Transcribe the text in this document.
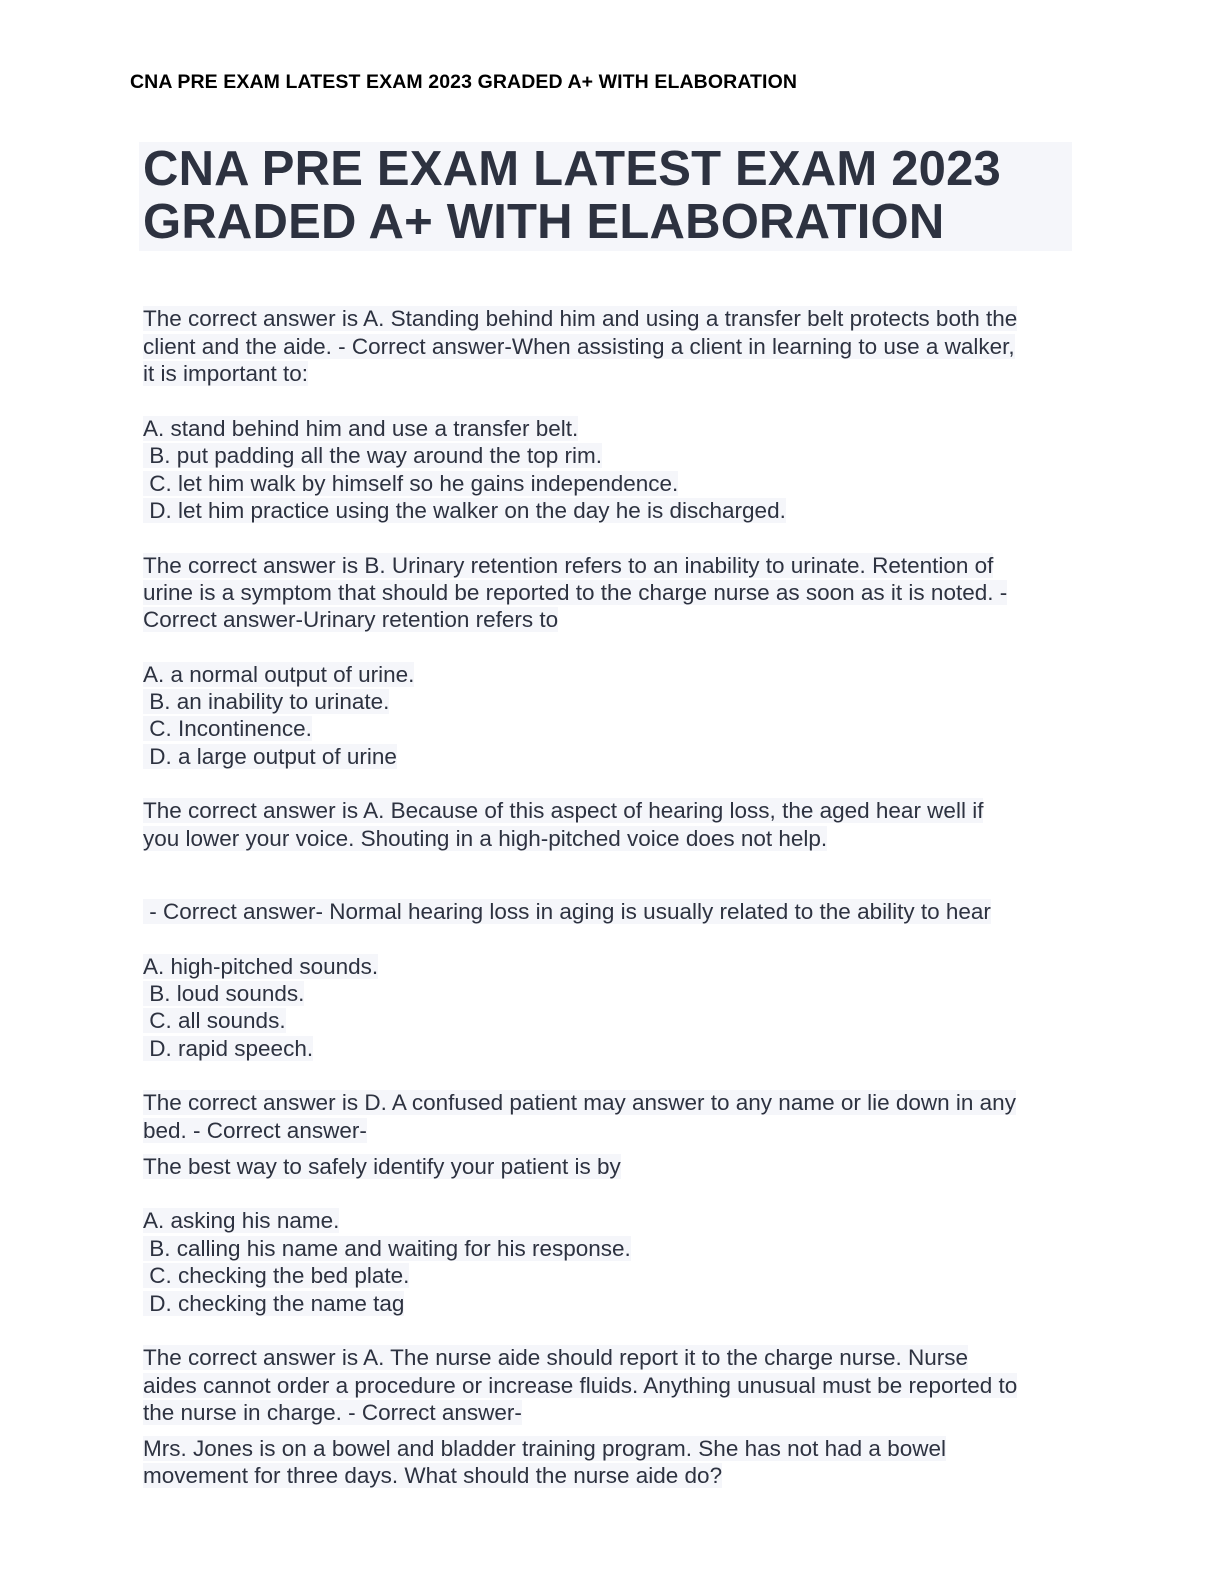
CNA PRE EXAM LATEST EXAM 2023 GRADED A+ WITH ELABORATION
CNA PRE EXAM LATEST EXAM 2023
GRADED A+ WITH ELABORATION
The correct answer is A. Standing behind him and using a transfer belt protects both the
client and the aide. - Correct answer-When assisting a client in learning to use a walker,
it is important to:
A. stand behind him and use a transfer belt.
B. put padding all the way around the top rim.
C. let him walk by himself so he gains independence.
D. let him practice using the walker on the day he is discharged.
The correct answer is B. Urinary retention refers to an inability to urinate. Retention of
urine is a symptom that should be reported to the charge nurse as soon as it is noted. -
Correct answer-Urinary retention refers to
A. a normal output of urine.
B. an inability to urinate.
C. Incontinence.
D. a large output of urine
The correct answer is A. Because of this aspect of hearing loss, the aged hear well if
you lower your voice. Shouting in a high-pitched voice does not help.
- Correct answer- Normal hearing loss in aging is usually related to the ability to hear
A. high-pitched sounds.
B. loud sounds.
C. all sounds.
D. rapid speech.
The correct answer is D. A confused patient may answer to any name or lie down in any
bed. - Correct answer-
The best way to safely identify your patient is by
A. asking his name.
B. calling his name and waiting for his response.
C. checking the bed plate.
D. checking the name tag
The correct answer is A. The nurse aide should report it to the charge nurse. Nurse
aides cannot order a procedure or increase fluids. Anything unusual must be reported to
the nurse in charge. - Correct answer-
Mrs. Jones is on a bowel and bladder training program. She has not had a bowel
movement for three days. What should the nurse aide do?
